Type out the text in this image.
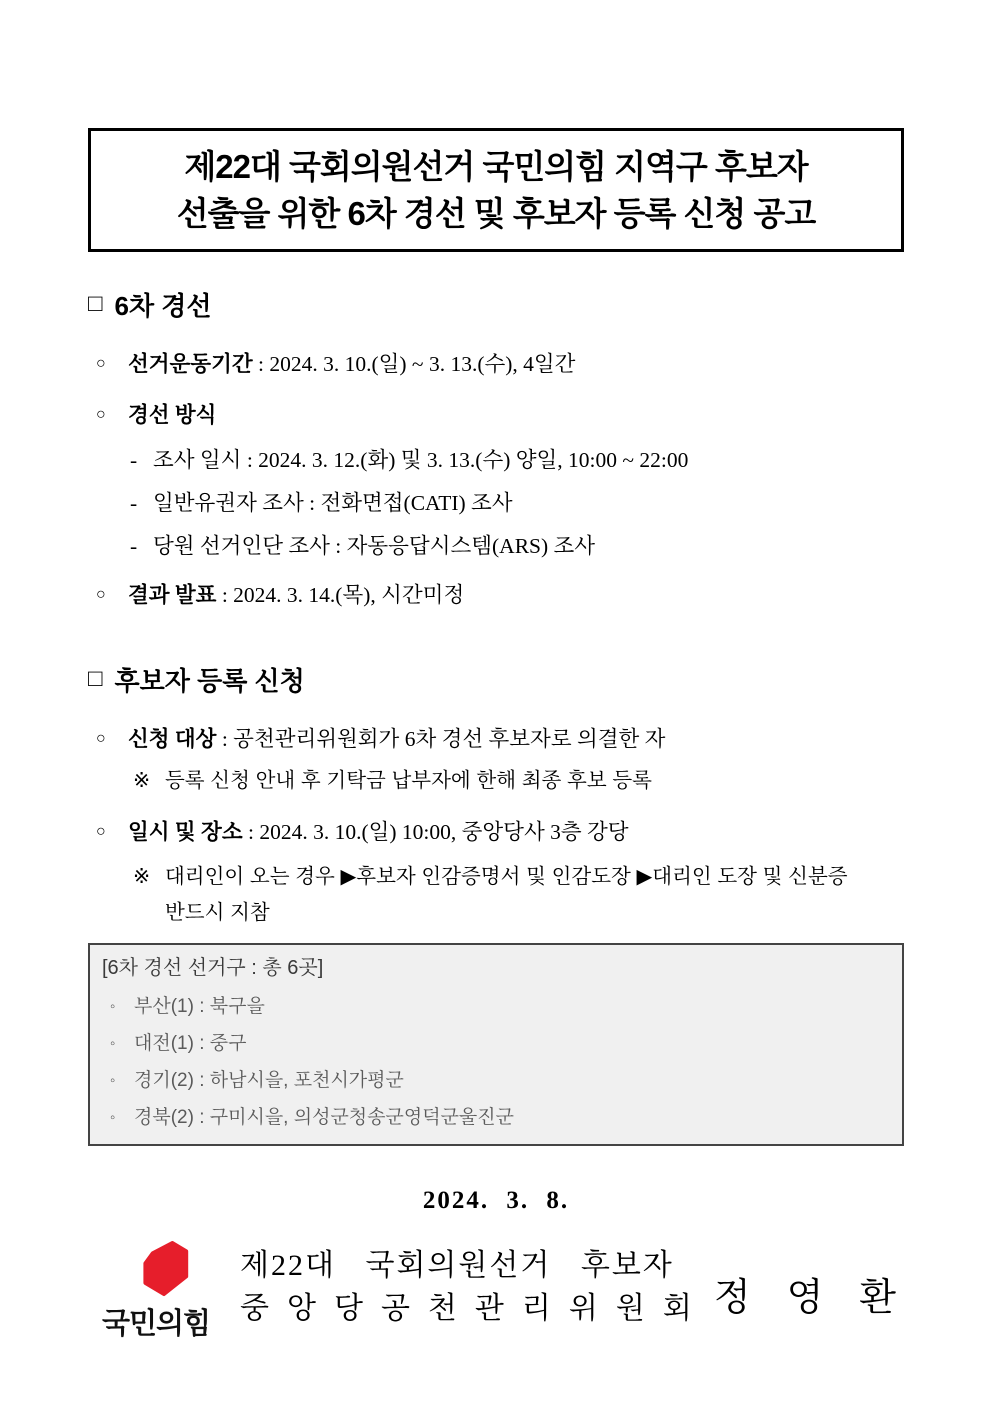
제22대 국회의원선거 국민의힘 지역구 후보자
선출을 위한 6차 경선 및 후보자 등록 신청 공고
□ 6차 경선
○	선거운동기간 : 2024. 3. 10.(일) ~ 3. 13.(수), 4일간
○	경선 방식
- 조사 일시 : 2024. 3. 12.(화) 및 3. 13.(수) 양일, 10:00 ~ 22:00
- 일반유권자 조사 : 전화면접(CATI) 조사
- 당원 선거인단 조사 : 자동응답시스템(ARS) 조사
○	결과 발표 : 2024. 3. 14.(목), 시간미정
□ 후보자 등록 신청
○	신청 대상 : 공천관리위원회가 6차 경선 후보자로 의결한 자
※ 등록 신청 안내 후 기탁금 납부자에 한해 최종 후보 등록
○	일시 및 장소 : 2024. 3. 10.(일) 10:00, 중앙당사 3층 강당
※ 대리인이 오는 경우 ▶후보자 인감증명서 및 인감도장 ▶대리인 도장 및 신분증
반드시 지참
[6차 경선 선거구 : 총 6곳]
◦ 부산(1) : 북구을
◦ 대전(1) : 중구
◦ 경기(2) : 하남시을, 포천시가평군
◦ 경북(2) : 구미시을, 의성군청송군영덕군울진군
2024. 3. 8.
국민의힘
제22대 국회의원선거 후보자
중앙당공천관리위원회 정영환
